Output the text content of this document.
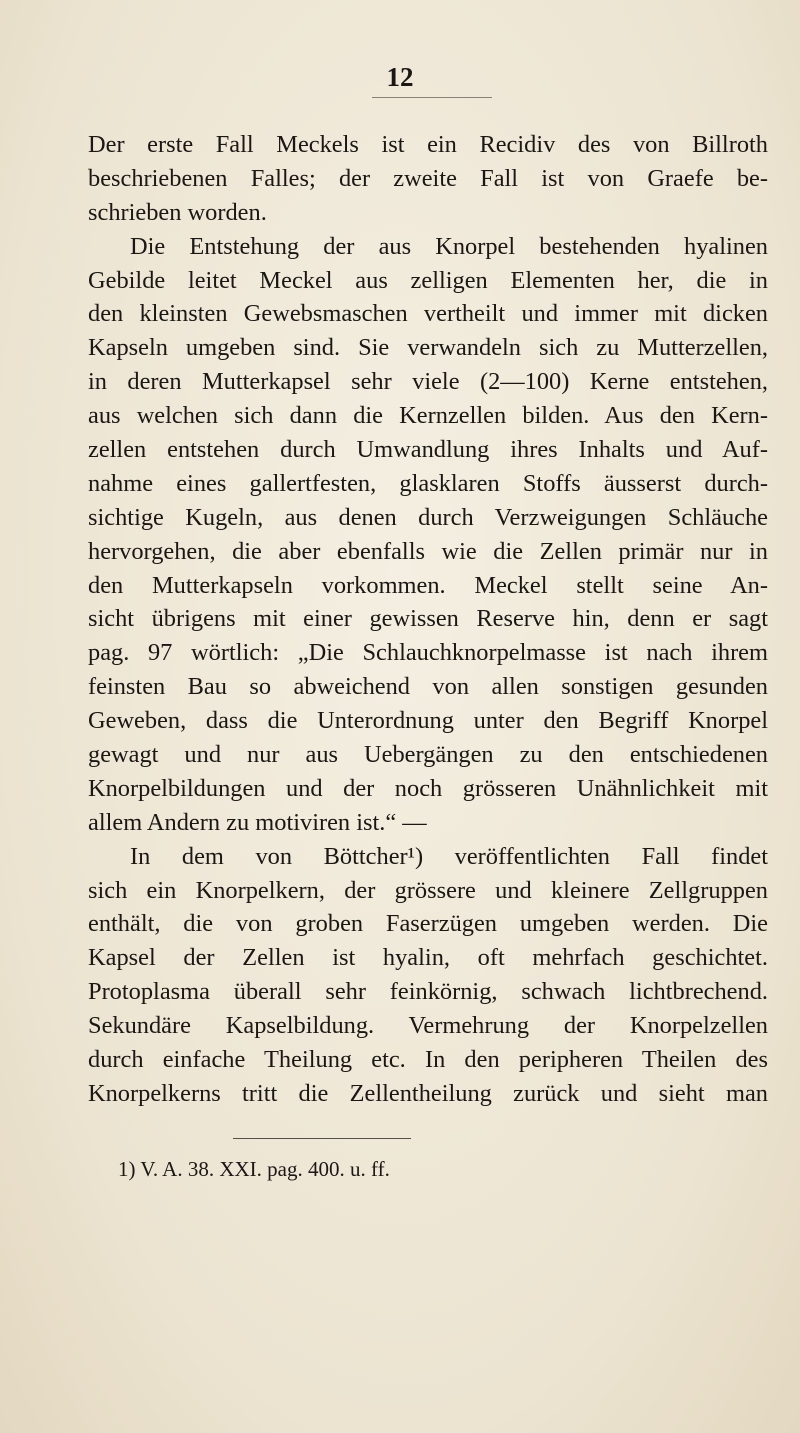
12
Der erste Fall Meckels ist ein Recidiv des von Billroth
beschriebenen Falles; der zweite Fall ist von Graefe be-
schrieben worden.
Die Entstehung der aus Knorpel bestehenden hyalinen
Gebilde leitet Meckel aus zelligen Elementen her, die in
den kleinsten Gewebsmaschen vertheilt und immer mit dicken
Kapseln umgeben sind. Sie verwandeln sich zu Mutterzellen,
in deren Mutterkapsel sehr viele (2—100) Kerne entstehen,
aus welchen sich dann die Kernzellen bilden. Aus den Kern-
zellen entstehen durch Umwandlung ihres Inhalts und Auf-
nahme eines gallertfesten, glasklaren Stoffs äusserst durch-
sichtige Kugeln, aus denen durch Verzweigungen Schläuche
hervorgehen, die aber ebenfalls wie die Zellen primär nur in
den Mutterkapseln vorkommen. Meckel stellt seine An-
sicht übrigens mit einer gewissen Reserve hin, denn er sagt
pag. 97 wörtlich: „Die Schlauchknorpelmasse ist nach ihrem
feinsten Bau so abweichend von allen sonstigen gesunden
Geweben, dass die Unterordnung unter den Begriff Knorpel
gewagt und nur aus Uebergängen zu den entschiedenen
Knorpelbildungen und der noch grösseren Unähnlichkeit mit
allem Andern zu motiviren ist.“ —
In dem von Böttcher¹) veröffentlichten Fall findet
sich ein Knorpelkern, der grössere und kleinere Zellgruppen
enthält, die von groben Faserzügen umgeben werden. Die
Kapsel der Zellen ist hyalin, oft mehrfach geschichtet.
Protoplasma überall sehr feinkörnig, schwach lichtbrechend.
Sekundäre Kapselbildung. Vermehrung der Knorpelzellen
durch einfache Theilung etc. In den peripheren Theilen des
Knorpelkerns tritt die Zellentheilung zurück und sieht man
1) V. A. 38. XXI. pag. 400. u. ff.
